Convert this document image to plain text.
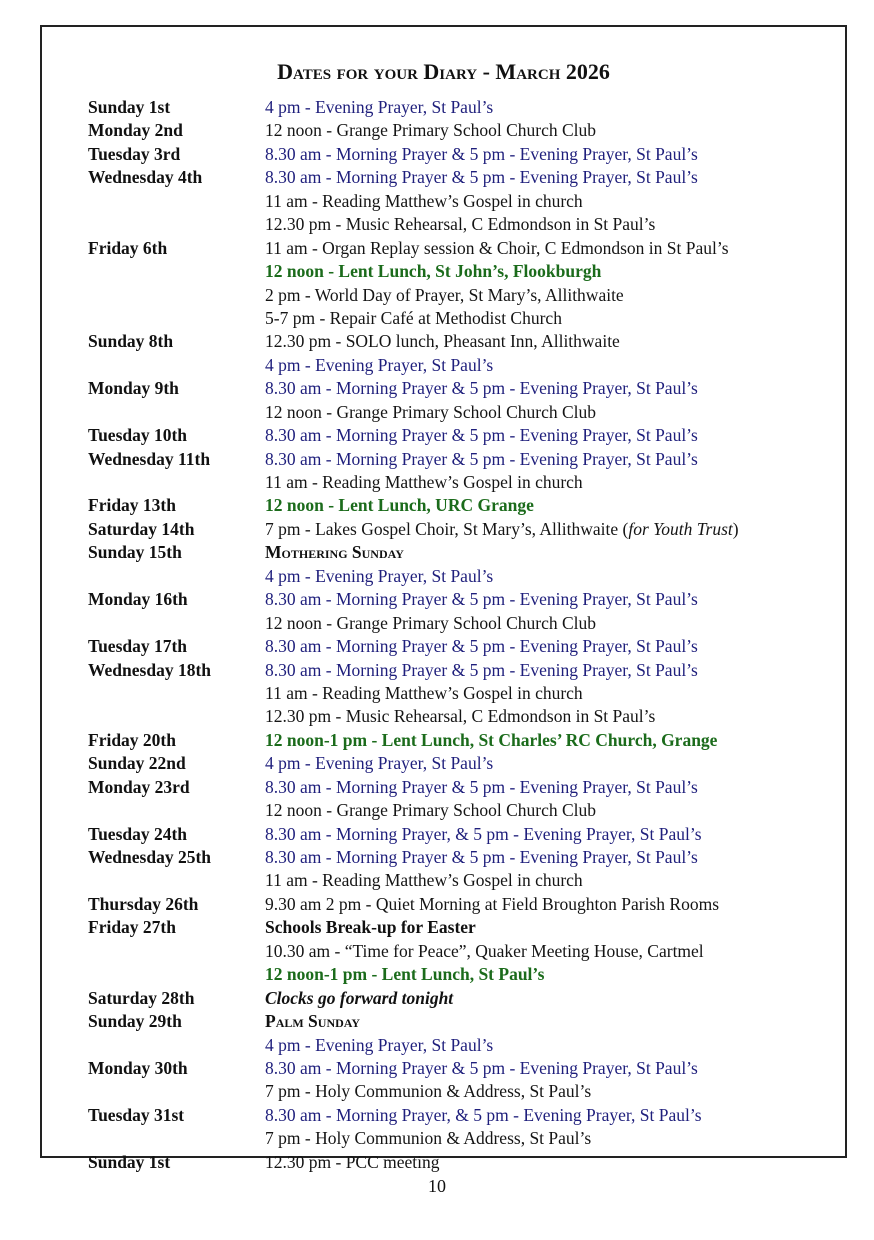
Dates for your Diary - March 2026
Sunday 1st	4 pm - Evening Prayer, St Paul’s
Monday 2nd	12 noon - Grange Primary School Church Club
Tuesday 3rd	8.30 am - Morning Prayer & 5 pm - Evening Prayer, St Paul’s
Wednesday 4th	8.30 am - Morning Prayer & 5 pm - Evening Prayer, St Paul’s
11 am - Reading Matthew’s Gospel in church
12.30 pm - Music Rehearsal, C Edmondson in St Paul’s
Friday 6th	11 am - Organ Replay session & Choir, C Edmondson in St Paul’s
12 noon - Lent Lunch, St John’s, Flookburgh
2 pm - World Day of Prayer, St Mary’s, Allithwaite
5-7 pm - Repair Café at Methodist Church
Sunday 8th	12.30 pm - SOLO lunch, Pheasant Inn, Allithwaite
4 pm - Evening Prayer, St Paul’s
Monday 9th	8.30 am - Morning Prayer & 5 pm - Evening Prayer, St Paul’s
12 noon - Grange Primary School Church Club
Tuesday 10th	8.30 am - Morning Prayer & 5 pm - Evening Prayer, St Paul’s
Wednesday 11th	8.30 am - Morning Prayer & 5 pm - Evening Prayer, St Paul’s
11 am - Reading Matthew’s Gospel in church
Friday 13th	12 noon - Lent Lunch, URC Grange
Saturday 14th	7 pm - Lakes Gospel Choir, St Mary’s, Allithwaite (for Youth Trust)
Sunday 15th	Mothering Sunday
4 pm - Evening Prayer, St Paul’s
Monday 16th	8.30 am - Morning Prayer & 5 pm - Evening Prayer, St Paul’s
12 noon - Grange Primary School Church Club
Tuesday 17th	8.30 am - Morning Prayer & 5 pm - Evening Prayer, St Paul’s
Wednesday 18th	8.30 am - Morning Prayer & 5 pm - Evening Prayer, St Paul’s
11 am - Reading Matthew’s Gospel in church
12.30 pm - Music Rehearsal, C Edmondson in St Paul’s
Friday 20th	12 noon-1 pm - Lent Lunch, St Charles’ RC Church, Grange
Sunday 22nd	4 pm - Evening Prayer, St Paul’s
Monday 23rd	8.30 am - Morning Prayer & 5 pm - Evening Prayer, St Paul’s
12 noon - Grange Primary School Church Club
Tuesday 24th	8.30 am - Morning Prayer, & 5 pm - Evening Prayer, St Paul’s
Wednesday 25th	8.30 am - Morning Prayer & 5 pm - Evening Prayer, St Paul’s
11 am - Reading Matthew’s Gospel in church
Thursday 26th	9.30 am 2 pm - Quiet Morning at Field Broughton Parish Rooms
Friday 27th	Schools Break-up for Easter
10.30 am - “Time for Peace”, Quaker Meeting House, Cartmel
12 noon-1 pm - Lent Lunch, St Paul’s
Saturday 28th	Clocks go forward tonight
Sunday 29th	Palm Sunday
4 pm - Evening Prayer, St Paul’s
Monday 30th	8.30 am - Morning Prayer & 5 pm - Evening Prayer, St Paul’s
7 pm - Holy Communion & Address, St Paul’s
Tuesday 31st	8.30 am - Morning Prayer, & 5 pm - Evening Prayer, St Paul’s
7 pm - Holy Communion & Address, St Paul’s
Sunday 1st	12.30 pm - PCC meeting
10
